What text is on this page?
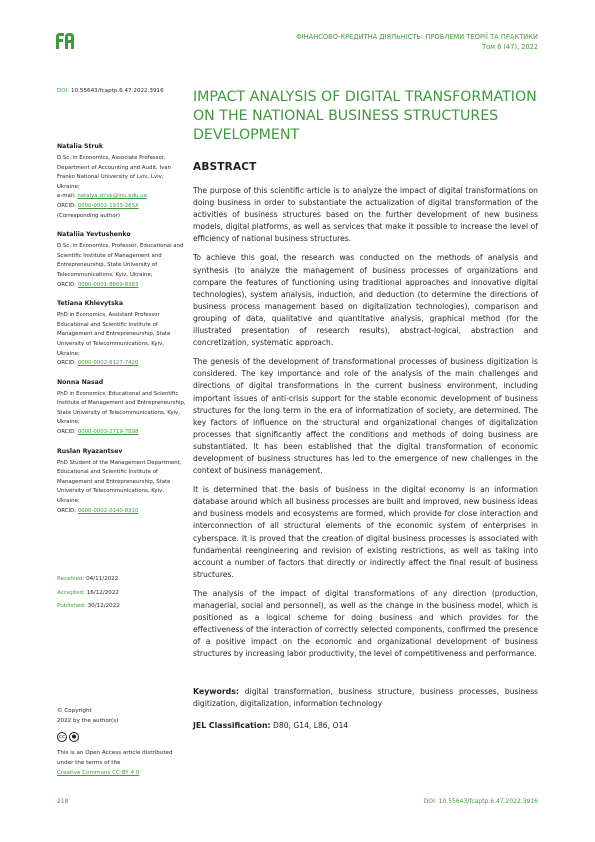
ФІНАНСОВО-КРЕДИТНА ДІЯЛЬНІСТЬ: ПРОБЛЕМИ ТЕОРІЇ ТА ПРАКТИКИ
Том 6 (47), 2022
DOI: 10.55643/fcaptp.6.47.2022.3916
Natalia Struk
D.Sc. in Economics, Associate Professor, Department of Accounting and Audit, Ivan Franko National University of Lviv, Lviv, Ukraine;
e-mail: natalya.struk@lnu.edu.ua
ORCID: 0000-0002-1933-265X
(Corresponding author)
Nataliia Yevtushenko
D.Sc. in Economics, Professor, Educational and Scientific Institute of Management and Entrepreneurship, State University of Telecommunications, Kyiv, Ukraine;
ORCID: 0000-0001-8869-8363
Tetiana Khlevytska
PhD in Economics, Assistant Professor Educational and Scientific Institute of Management and Entrepreneurship, State University of Telecommunications, Kyiv, Ukraine;
ORCID: 0000-0002-6127-7420
Nonna Nasad
PhD in Economics, Educational and Scientific Institute of Management and Entrepreneurship, State University of Telecommunications, Kyiv, Ukraine;
ORCID: 0000-0003-2719-7898
Ruslan Ryazantsev
PhD Student of the Management Department, Educational and Scientific Institute of Management and Entrepreneurship, State University of Telecommunications, Kyiv, Ukraine;
ORCID: 0000-0002-0140-8310
Received: 04/11/2022
Accepted: 16/12/2022
Published: 30/12/2022
© Copyright
2022 by the author(s)
cc	●
This is an Open Access article distributed under the terms of the
Creative Commons CC-BY 4.0
IMPACT ANALYSIS OF DIGITAL TRANSFORMATION ON THE NATIONAL BUSINESS STRUCTURES DEVELOPMENT
ABSTRACT

The purpose of this scientific article is to analyze the impact of digital transformations on doing business in order to substantiate the actualization of digital transformation of the activities of business structures based on the further development of new business models, digital platforms, as well as services that make it possible to increase the level of efficiency of national business structures.

To achieve this goal, the research was conducted on the methods of analysis and synthesis (to analyze the management of business processes of organizations and compare the features of functioning using traditional approaches and innovative digital technologies), system analysis, induction, and deduction (to determine the directions of business process management based on digitalization technologies), comparison and grouping of data, qualitative and quantitative analysis, graphical method (for the illustrated presentation of research results), abstract-logical, abstraction and concretization, systematic approach.

The genesis of the development of transformational processes of business digitization is considered. The key importance and role of the analysis of the main challenges and directions of digital transformations in the current business environment, including important issues of anti-crisis support for the stable economic development of business structures for the long term in the era of informatization of society, are determined. The key factors of influence on the structural and organizational changes of digitalization processes that significantly affect the conditions and methods of doing business are substantiated. It has been established that the digital transformation of economic development of business structures has led to the emergence of new challenges in the context of business management.

It is determined that the basis of business in the digital economy is an information database around which all business processes are built and improved, new business ideas and business models and ecosystems are formed, which provide for close interaction and interconnection of all structural elements of the economic system of enterprises in cyberspace. It is proved that the creation of digital business processes is associated with fundamental reengineering and revision of existing restrictions, as well as taking into account a number of factors that directly or indirectly affect the final result of business structures.

The analysis of the impact of digital transformations of any direction (production, managerial, social and personnel), as well as the change in the business model, which is positioned as a logical scheme for doing business and which provides for the effectiveness of the interaction of correctly selected components, confirmed the presence of a positive impact on the economic and organizational development of business structures by increasing labor productivity, the level of competitiveness and performance.

Keywords: digital transformation, business structure, business processes, business digitization, digitalization, information technology
JEL Classification: D80, G14, L86, O14
218	DOI: 10.55643/fcaptp.6.47.2022.3916
